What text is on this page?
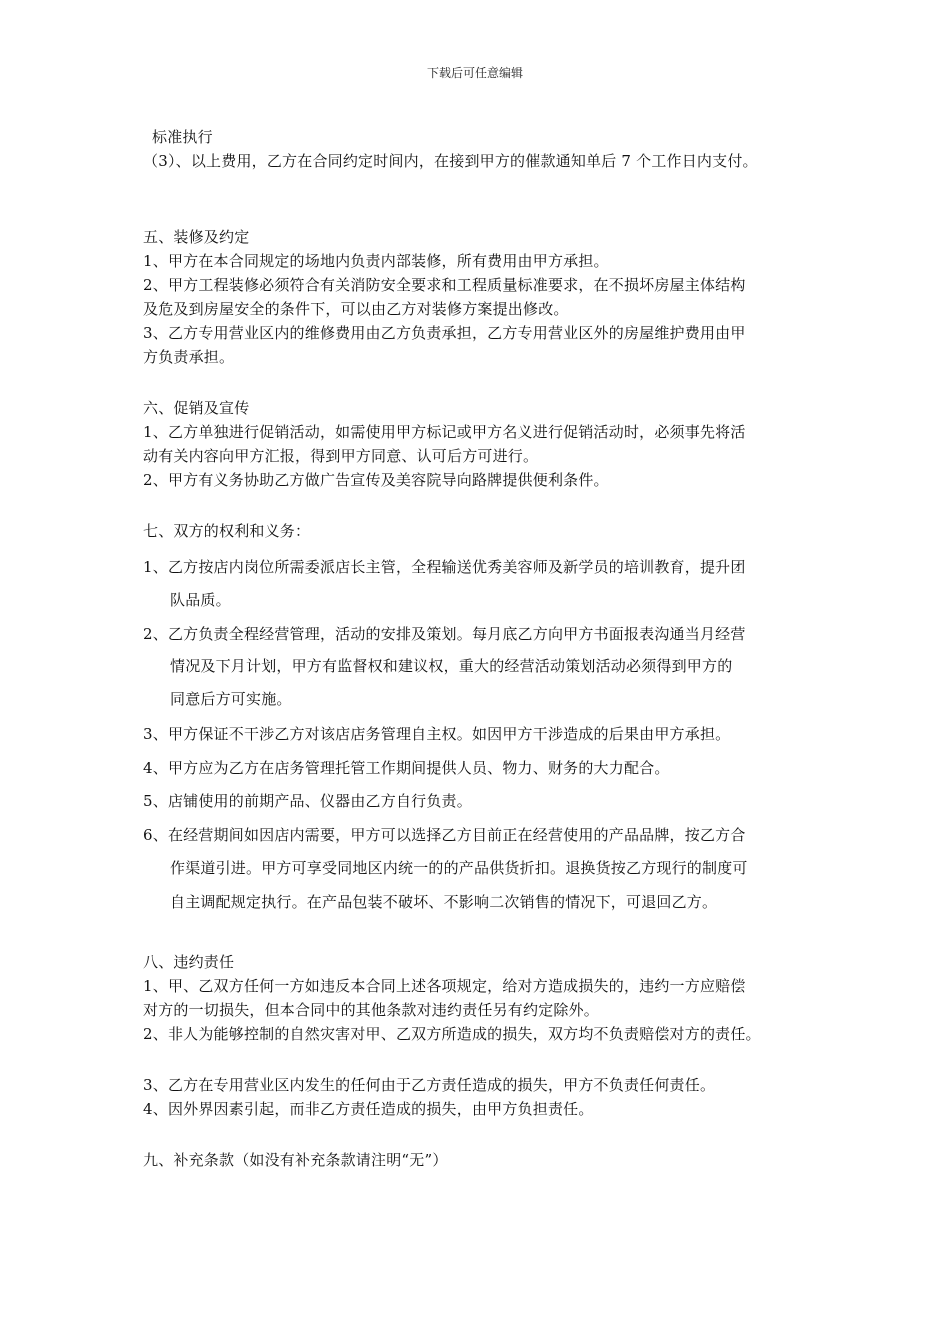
下载后可任意编辑
标准执行
（3）、以上费用，乙方在合同约定时间内，在接到甲方的催款通知单后 7 个工作日内支付。
五、装修及约定
1、甲方在本合同规定的场地内负责内部装修，所有费用由甲方承担。
2、甲方工程装修必须符合有关消防安全要求和工程质量标准要求，在不损坏房屋主体结构
及危及到房屋安全的条件下，可以由乙方对装修方案提出修改。
3、乙方专用营业区内的维修费用由乙方负责承担，乙方专用营业区外的房屋维护费用由甲
方负责承担。
六、促销及宣传
1、乙方单独进行促销活动，如需使用甲方标记或甲方名义进行促销活动时，必须事先将活
动有关内容向甲方汇报，得到甲方同意、认可后方可进行。
2、甲方有义务协助乙方做广告宣传及美容院导向路牌提供便利条件。
七、双方的权利和义务：
1、乙方按店内岗位所需委派店长主管，全程输送优秀美容师及新学员的培训教育，提升团
队品质。
2、乙方负责全程经营管理，活动的安排及策划。每月底乙方向甲方书面报表沟通当月经营
情况及下月计划，甲方有监督权和建议权，重大的经营活动策划活动必须得到甲方的
同意后方可实施。
3、甲方保证不干涉乙方对该店店务管理自主权。如因甲方干涉造成的后果由甲方承担。
4、甲方应为乙方在店务管理托管工作期间提供人员、物力、财务的大力配合。
5、店铺使用的前期产品、仪器由乙方自行负责。
6、在经营期间如因店内需要，甲方可以选择乙方目前正在经营使用的产品品牌，按乙方合
作渠道引进。甲方可享受同地区内统一的的产品供货折扣。退换货按乙方现行的制度可
自主调配规定执行。在产品包装不破坏、不影响二次销售的情况下，可退回乙方。
八、违约责任
1、甲、乙双方任何一方如违反本合同上述各项规定，给对方造成损失的，违约一方应赔偿
对方的一切损失，但本合同中的其他条款对违约责任另有约定除外。
2、非人为能够控制的自然灾害对甲、乙双方所造成的损失，双方均不负责赔偿对方的责任。
3、乙方在专用营业区内发生的任何由于乙方责任造成的损失，甲方不负责任何责任。
4、因外界因素引起，而非乙方责任造成的损失，由甲方负担责任。
九、补充条款（如没有补充条款请注明“无”）
